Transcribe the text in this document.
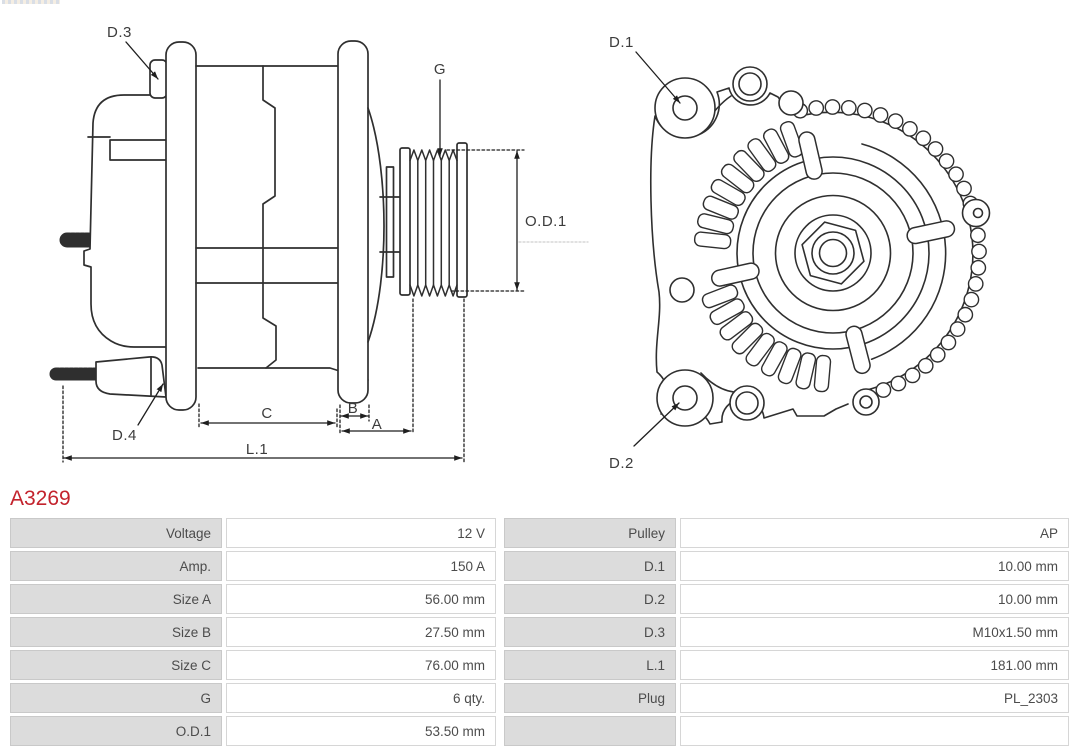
D.3
G
O.D.1
D.4
C	B
A
L.1
D.1
D.2
A3269
Voltage	12 V
Amp.	150 A
Size A	56.00 mm
Size B	27.50 mm
Size C	76.00 mm
G	6 qty.
O.D.1	53.50 mm
Pulley	AP
D.1	10.00 mm
D.2	10.00 mm
D.3	M10x1.50 mm
L.1	181.00 mm
Plug	PL_2303
